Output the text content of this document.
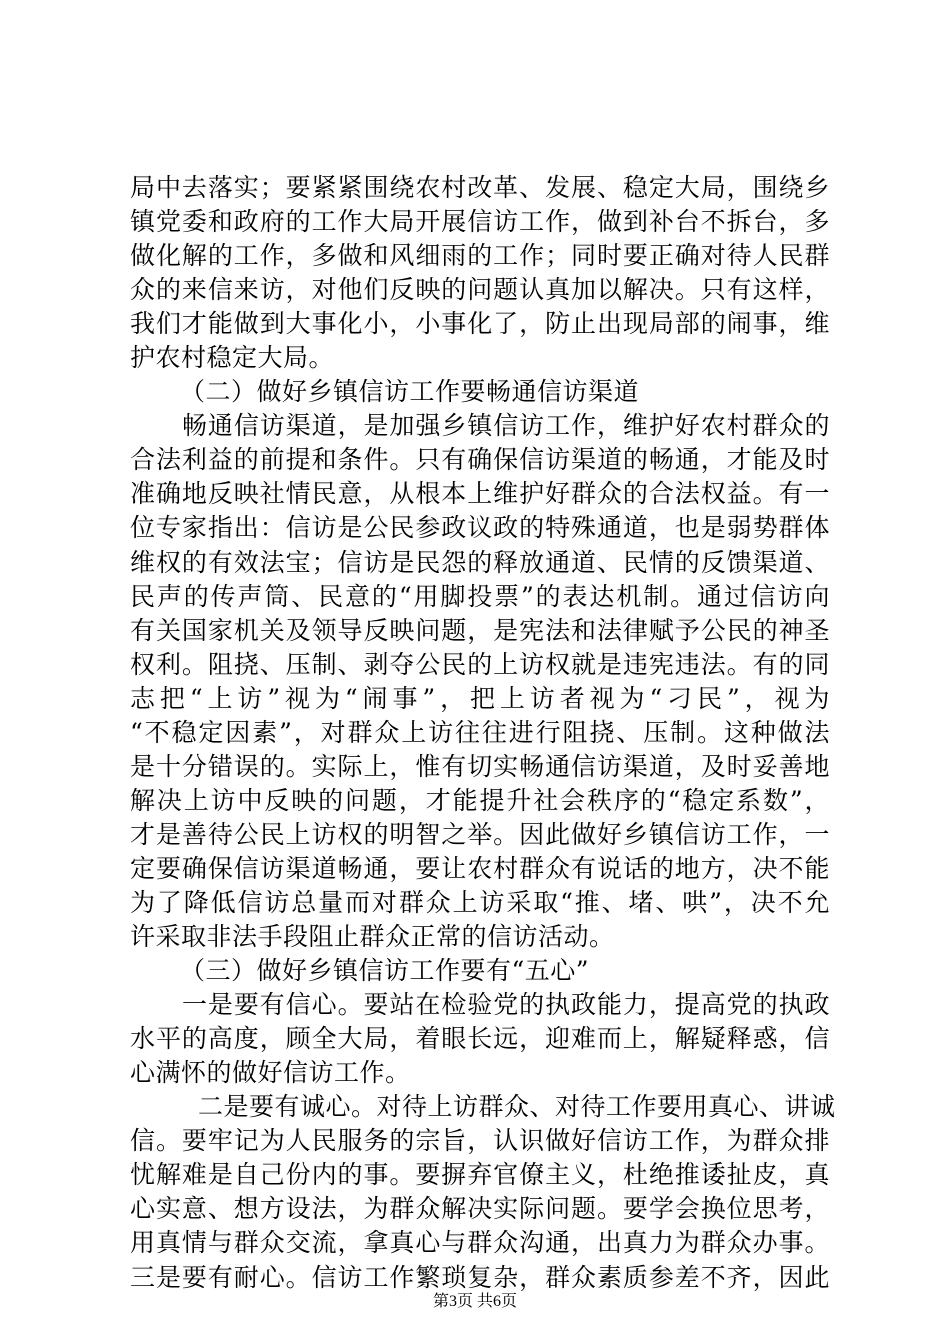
局中去落实；要紧紧围绕农村改革、发展、稳定大局，围绕乡
镇党委和政府的工作大局开展信访工作，做到补台不拆台，多
做化解的工作，多做和风细雨的工作；同时要正确对待人民群
众的来信来访，对他们反映的问题认真加以解决。只有这样，
我们才能做到大事化小，小事化了，防止出现局部的闹事，维
护农村稳定大局。
（二）做好乡镇信访工作要畅通信访渠道
畅通信访渠道，是加强乡镇信访工作，维护好农村群众的
合法利益的前提和条件。只有确保信访渠道的畅通，才能及时
准确地反映社情民意，从根本上维护好群众的合法权益。有一
位专家指出：信访是公民参政议政的特殊通道，也是弱势群体
维权的有效法宝；信访是民怨的释放通道、民情的反馈渠道、
民声的传声筒、民意的“用脚投票”的表达机制。通过信访向
有关国家机关及领导反映问题，是宪法和法律赋予公民的神圣
权利。阻挠、压制、剥夺公民的上访权就是违宪违法。有的同
志把“上访”视为“闹事”，把上访者视为“刁民”，视为
“不稳定因素”，对群众上访往往进行阻挠、压制。这种做法
是十分错误的。实际上，惟有切实畅通信访渠道，及时妥善地
解决上访中反映的问题，才能提升社会秩序的“稳定系数”，
才是善待公民上访权的明智之举。因此做好乡镇信访工作，一
定要确保信访渠道畅通，要让农村群众有说话的地方，决不能
为了降低信访总量而对群众上访采取“推、堵、哄”，决不允
许采取非法手段阻止群众正常的信访活动。
（三）做好乡镇信访工作要有“五心”
一是要有信心。要站在检验党的执政能力，提高党的执政
水平的高度，顾全大局，着眼长远，迎难而上，解疑释惑，信
心满怀的做好信访工作。
二是要有诚心。对待上访群众、对待工作要用真心、讲诚
信。要牢记为人民服务的宗旨，认识做好信访工作，为群众排
忧解难是自己份内的事。要摒弃官僚主义，杜绝推诿扯皮，真
心实意、想方设法，为群众解决实际问题。要学会换位思考，
用真情与群众交流，拿真心与群众沟通，出真力为群众办事。
三是要有耐心。信访工作繁琐复杂，群众素质参差不齐，因此
第3页 共6页
